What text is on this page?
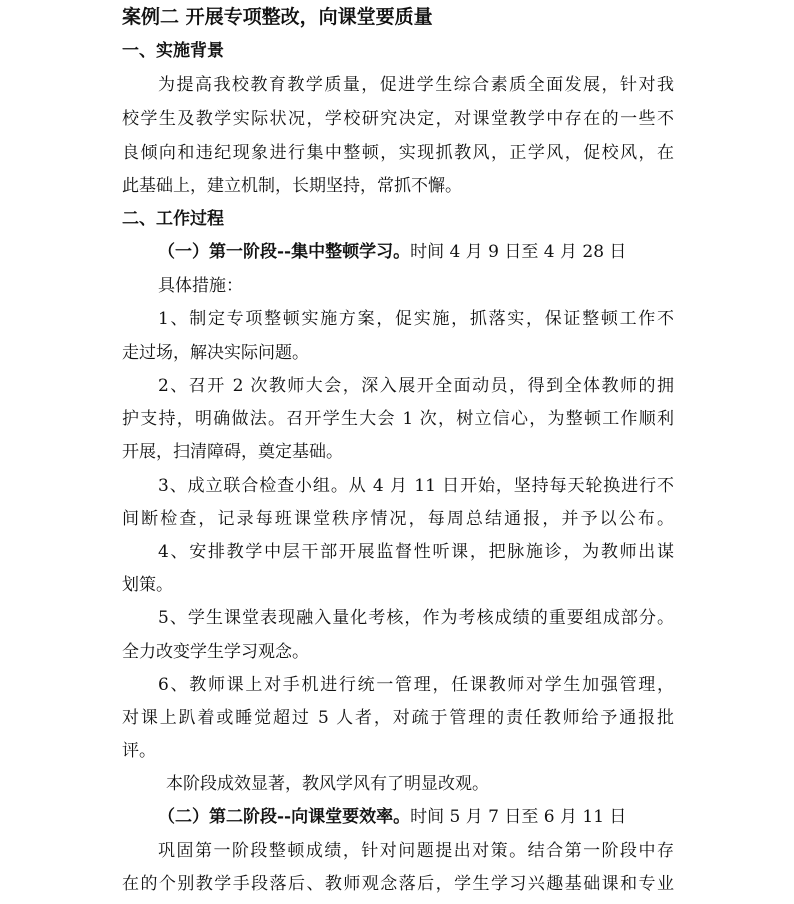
案例二 开展专项整改，向课堂要质量
一、实施背景
为提高我校教育教学质量，促进学生综合素质全面发展，针对我
校学生及教学实际状况，学校研究决定，对课堂教学中存在的一些不
良倾向和违纪现象进行集中整顿，实现抓教风，正学风，促校风，在
此基础上，建立机制，长期坚持，常抓不懈。
二、工作过程
（一）第一阶段--集中整顿学习。时间 4 月 9 日至 4 月 28 日
具体措施：
1、制定专项整顿实施方案，促实施，抓落实，保证整顿工作不
走过场，解决实际问题。
2、召开 2 次教师大会，深入展开全面动员，得到全体教师的拥
护支持，明确做法。召开学生大会 1 次，树立信心，为整顿工作顺利
开展，扫清障碍，奠定基础。
3、成立联合检查小组。从 4 月 11 日开始，坚持每天轮换进行不
间断检查，记录每班课堂秩序情况，每周总结通报，并予以公布。
4、安排教学中层干部开展监督性听课，把脉施诊，为教师出谋
划策。
5、学生课堂表现融入量化考核，作为考核成绩的重要组成部分。
全力改变学生学习观念。
6、教师课上对手机进行统一管理，任课教师对学生加强管理，
对课上趴着或睡觉超过 5 人者，对疏于管理的责任教师给予通报批
评。
本阶段成效显著，教风学风有了明显改观。
（二）第二阶段--向课堂要效率。时间 5 月 7 日至 6 月 11 日
巩固第一阶段整顿成绩，针对问题提出对策。结合第一阶段中存
在的个别教学手段落后、教师观念落后，学生学习兴趣基础课和专业
